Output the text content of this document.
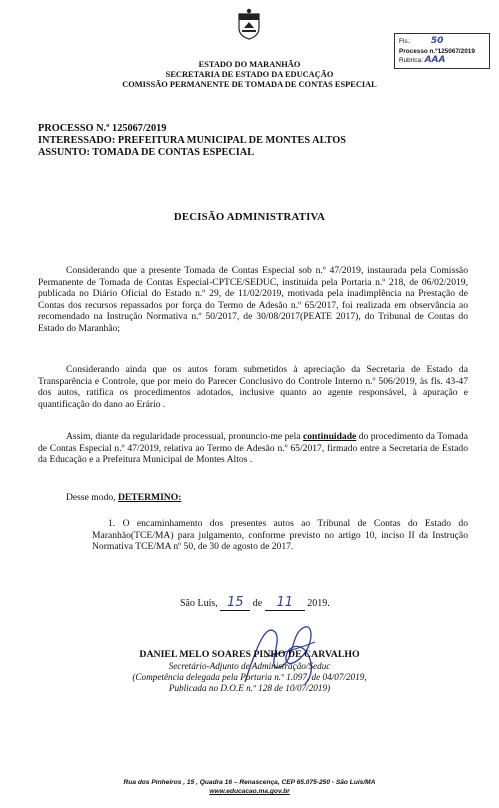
ESTADO DO MARANHÃO
SECRETARIA DE ESTADO DA EDUCAÇÃO
COMISSÃO PERMANENTE DE TOMADA DE CONTAS ESPECIAL
Fls.: 50
Processo n.º125067/2019
Rubrica: AAA
PROCESSO N.º 125067/2019
INTERESSADO: PREFEITURA MUNICIPAL DE MONTES ALTOS
ASSUNTO: TOMADA DE CONTAS ESPECIAL
DECISÃO ADMINISTRATIVA
Considerando que a presente Tomada de Contas Especial sob n.º 47/2019, instaurada pela Comissão Permanente de Tomada de Contas Especial-CPTCE/SEDUC, instituída pela Portaria n.º 218, de 06/02/2019, publicada no Diário Oficial do Estado n.º 29, de 11/02/2019, motivada pela inadimplência na Prestação de Contas dos recursos repassados por força do Termo de Adesão n.º 65/2017, foi realizada em observância ao recomendado na Instrução Normativa n.º 50/2017, de 30/08/2017(PEATE 2017), do Tribunal de Contas do Estado do Maranhão;
Considerando ainda que os autos foram submetidos à apreciação da Secretaria de Estado da Transparência e Controle, que por meio do Parecer Conclusivo do Controle Interno n.º 506/2019, às fls. 43-47 dos autos, ratifica os procedimentos adotados, inclusive quanto ao agente responsável, à apuração e quantificação do dano ao Erário .
Assim, diante da regularidade processual, pronuncio-me pela continuidade do procedimento da Tomada de Contas Especial n.º 47/2019, relativa ao Termo de Adesão n.º 65/2017, firmado entre a Secretaria de Estado da Educação e a Prefeitura Municipal de Montes Altos .
Desse modo, DETERMINO:
1. O encaminhamento dos presentes autos ao Tribunal de Contas do Estado do Maranhão(TCE/MA) para julgamento, conforme previsto no artigo 10, inciso II da Instrução Normativa TCE/MA nº 50, de 30 de agosto de 2017.
São Luís, 15 de 11 2019.
DANIEL MELO SOARES PINHO DE CARVALHO
Secretário-Adjunto de Administração/Seduc
(Competência delegada pela Portaria n.º 1.097, de 04/07/2019,
Publicada no D.O.E n.º 128 de 10/07/2019)
Rua dos Pinheiros , 15 , Quadra 16 – Renascença, CEP 65.075-250 - São Luís/MA
www.educacao.ma.gov.br
